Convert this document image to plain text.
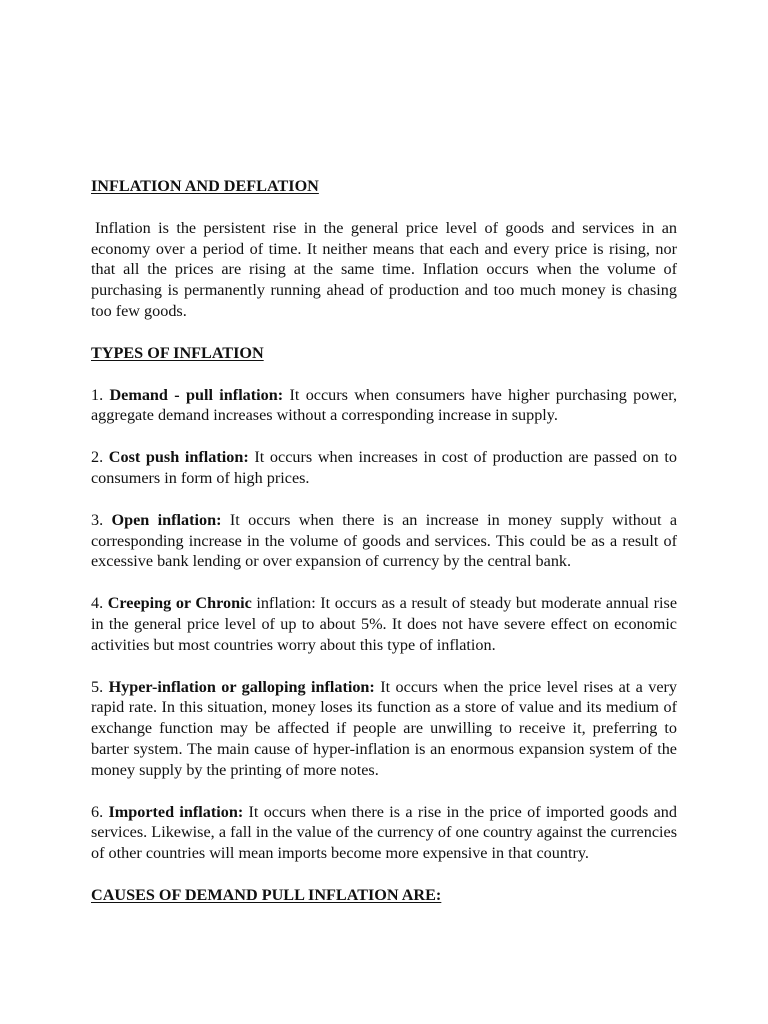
INFLATION AND DEFLATION

Inflation is the persistent rise in the general price level of goods and services in an economy over a period of time. It neither means that each and every price is rising, nor that all the prices are rising at the same time. Inflation occurs when the volume of purchasing is permanently running ahead of production and too much money is chasing too few goods.

TYPES OF INFLATION

1. Demand - pull inflation: It occurs when consumers have higher purchasing power, aggregate demand increases without a corresponding increase in supply.

2. Cost push inflation: It occurs when increases in cost of production are passed on to consumers in form of high prices.

3. Open inflation: It occurs when there is an increase in money supply without a corresponding increase in the volume of goods and services. This could be as a result of excessive bank lending or over expansion of currency by the central bank.

4. Creeping or Chronic inflation: It occurs as a result of steady but moderate annual rise in the general price level of up to about 5%. It does not have severe effect on economic activities but most countries worry about this type of inflation.

5. Hyper-inflation or galloping inflation: It occurs when the price level rises at a very rapid rate. In this situation, money loses its function as a store of value and its medium of exchange function may be affected if people are unwilling to receive it, preferring to barter system. The main cause of hyper-inflation is an enormous expansion system of the money supply by the printing of more notes.

6. Imported inflation: It occurs when there is a rise in the price of imported goods and services. Likewise, a fall in the value of the currency of one country against the currencies of other countries will mean imports become more expensive in that country.

CAUSES OF DEMAND PULL INFLATION ARE:
